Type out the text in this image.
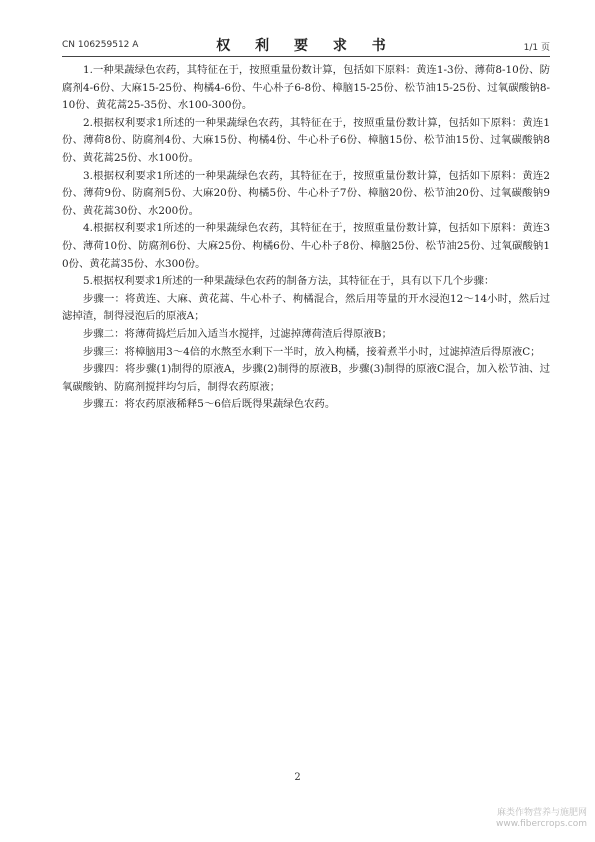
CN 106259512 A	权 利 要 求 书	1/1 页

1.一种果蔬绿色农药，其特征在于，按照重量份数计算，包括如下原料：黄连1-3份、薄荷8-10份、防腐剂4-6份、大麻15-25份、枸橘4-6份、牛心朴子6-8份、樟脑15-25份、松节油15-25份、过氧碳酸钠8-10份、黄花蒿25-35份、水100-300份。

2.根据权利要求1所述的一种果蔬绿色农药，其特征在于，按照重量份数计算，包括如下原料：黄连1份、薄荷8份、防腐剂4份、大麻15份、枸橘4份、牛心朴子6份、樟脑15份、松节油15份、过氧碳酸钠8份、黄花蒿25份、水100份。

3.根据权利要求1所述的一种果蔬绿色农药，其特征在于，按照重量份数计算，包括如下原料：黄连2份、薄荷9份、防腐剂5份、大麻20份、枸橘5份、牛心朴子7份、樟脑20份、松节油20份、过氧碳酸钠9份、黄花蒿30份、水200份。

4.根据权利要求1所述的一种果蔬绿色农药，其特征在于，按照重量份数计算，包括如下原料：黄连3份、薄荷10份、防腐剂6份、大麻25份、枸橘6份、牛心朴子8份、樟脑25份、松节油25份、过氧碳酸钠10份、黄花蒿35份、水300份。

5.根据权利要求1所述的一种果蔬绿色农药的制备方法，其特征在于，具有以下几个步骤：

步骤一：将黄连、大麻、黄花蒿、牛心朴子、枸橘混合，然后用等量的开水浸泡12～14小时，然后过滤掉渣，制得浸泡后的原液A；

步骤二：将薄荷捣烂后加入适当水搅拌，过滤掉薄荷渣后得原液B；

步骤三：将樟脑用3～4倍的水熬至水剩下一半时，放入枸橘，接着煮半小时，过滤掉渣后得原液C；

步骤四：将步骤(1)制得的原液A，步骤(2)制得的原液B，步骤(3)制得的原液C混合，加入松节油、过氧碳酸钠、防腐剂搅拌均匀后，制得农药原液；

步骤五：将农药原液稀释5～6倍后既得果蔬绿色农药。

2
麻类作物营养与施肥网
www.fibercrops.com
